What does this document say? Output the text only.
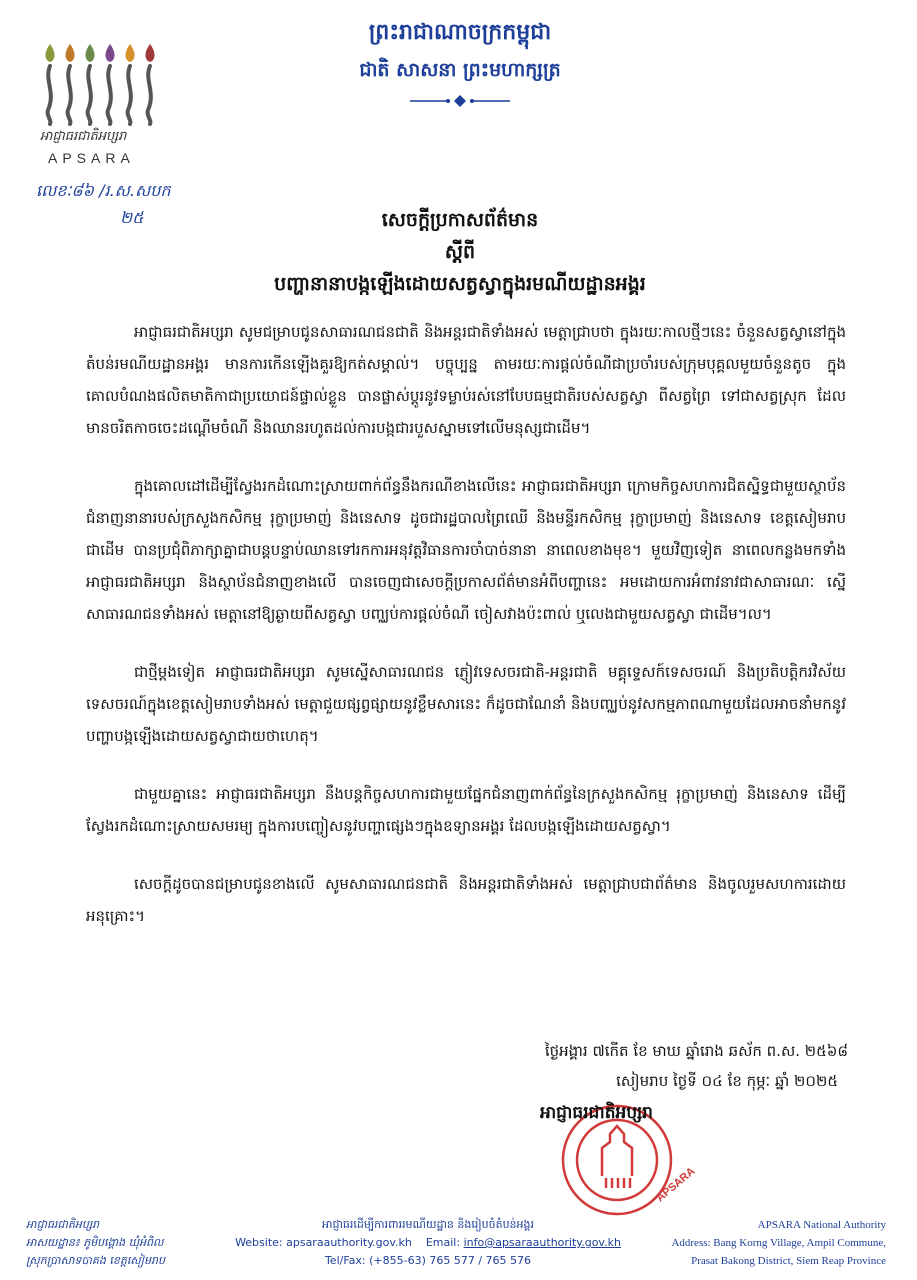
អាជ្ញាធរជាតិអប្សរា
APSARA
ព្រះរាជាណាចក្រកម្ពុជា
ជាតិ សាសនា ព្រះមហាក្សត្រ
លេខៈ៨៦ /រ.ស.សបក
២៥	សេចក្តីប្រកាសព័ត៌មាន
ស្តីពី
បញ្ហានានាបង្កឡើងដោយសត្វស្វាក្នុងរមណីយដ្ឋានអង្គរ

អាជ្ញាធរជាតិអប្សរា សូមជម្រាបជូនសាធារណជនជាតិ និងអន្តរជាតិទាំងអស់ មេត្តាជ្រាបថា ក្នុងរយៈកាលថ្មីៗនេះ ចំនួនសត្វស្វានៅក្នុងតំបន់រមណីយដ្ឋានអង្គរ មានការកើនឡើងគួរឱ្យកត់សម្គាល់។ បច្ចុប្បន្ន តាមរយៈការផ្តល់ចំណីជាប្រចាំរបស់ក្រុមបុគ្គលមួយចំនួនតូច ក្នុងគោលបំណងផលិតមាតិកាជាប្រយោជន៍ផ្ទាល់ខ្លួន បានផ្លាស់ប្តូរនូវទម្លាប់រស់នៅបែបធម្មជាតិរបស់សត្វស្វា ពីសត្វព្រៃ ទៅជាសត្វស្រុក ដែលមានចរិតកាចចេះដណ្តើមចំណី និងឈានរហូតដល់ការបង្កជារបួសស្នាមទៅលើមនុស្សជាដើម។

ក្នុងគោលដៅដើម្បីស្វែងរកដំណោះស្រាយពាក់ព័ន្ធនឹងករណីខាងលើនេះ អាជ្ញាធរជាតិអប្សរា ក្រោមកិច្ចសហការជិតស្និទ្ធជាមួយស្ថាប័នជំនាញនានារបស់ក្រសួងកសិកម្ម រុក្ខាប្រមាញ់ និងនេសាទ ដូចជារដ្ឋបាលព្រៃឈើ និងមន្ទីរកសិកម្ម រុក្ខាប្រមាញ់ និងនេសាទ ខេត្តសៀមរាបជាដើម បានប្រជុំពិភាក្សាគ្នាជាបន្តបន្ទាប់ឈានទៅរកការអនុវត្តវិធានការចាំបាច់នានា នាពេលខាងមុខ។ មួយវិញទៀត នាពេលកន្លងមកទាំងអាជ្ញាធរជាតិអប្សរា និងស្ថាប័នជំនាញខាងលើ បានចេញជាសេចក្តីប្រកាសព័ត៌មានអំពីបញ្ហានេះ អមដោយការអំពាវនាវជាសាធារណៈ ស្នើសាធារណជនទាំងអស់ មេត្តានៅឱ្យឆ្ងាយពីសត្វស្វា បញ្ឈប់ការផ្តល់ចំណី ចៀសវាងប៉ះពាល់ ឬលេងជាមួយសត្វស្វា ជាដើម។ល។

ជាថ្មីម្តងទៀត អាជ្ញាធរជាតិអប្សរា សូមស្នើសាធារណជន ភ្ញៀវទេសចរជាតិ-អន្តរជាតិ មគ្គុទ្ទេសក៍ទេសចរណ៍ និងប្រតិបត្តិករវិស័យទេសចរណ៍ក្នុងខេត្តសៀមរាបទាំងអស់ មេត្តាជួយផ្សព្វផ្សាយនូវខ្លឹមសារនេះ ក៏ដូចជាណែនាំ និងបញ្ឈប់នូវសកម្មភាពណាមួយដែលអាចនាំមកនូវបញ្ហាបង្កឡើងដោយសត្វស្វាជាយថាហេតុ។

ជាមួយគ្នានេះ អាជ្ញាធរជាតិអប្សរា នឹងបន្តកិច្ចសហការជាមួយផ្នែកជំនាញពាក់ព័ន្ធនៃក្រសួងកសិកម្ម រុក្ខាប្រមាញ់ និងនេសាទ ដើម្បីស្វែងរកដំណោះស្រាយសមរម្យ ក្នុងការបញ្ចៀសនូវបញ្ហាផ្សេងៗក្នុងឧទ្យានអង្គរ ដែលបង្កឡើងដោយសត្វស្វា។

សេចក្តីដូចបានជម្រាបជូនខាងលើ សូមសាធារណជនជាតិ និងអន្តរជាតិទាំងអស់ មេត្តាជ្រាបជាព័ត៌មាន និងចូលរួមសហការដោយអនុគ្រោះ។

ថ្ងៃអង្គារ ៧កើត ខែ មាឃ ឆ្នាំរោង ឆស័ក ព.ស. ២៥៦៨
សៀមរាប ថ្ងៃទី ០៤ ខែ កុម្ភៈ ឆ្នាំ ២០២៥
APSARA
អាជ្ញាធរជាតិអប្សរា
អាជ្ញាធរជាតិអប្សរា
អាសយដ្ឋាន៖ ភូមិបង្គោង ឃុំអំពិល
ស្រុកប្រាសាទបាគង ខេត្តសៀមរាប
អាជ្ញាធរដើម្បីការពាររមណីយដ្ឋាន និងរៀបចំតំបន់អង្គរ
Website: apsaraauthority.gov.kh Email: info@apsaraauthority.gov.kh
Tel/Fax: (+855-63) 765 577 / 765 576
APSARA National Authority
Address: Bang Korng Village, Ampil Commune,
Prasat Bakong District, Siem Reap Province
